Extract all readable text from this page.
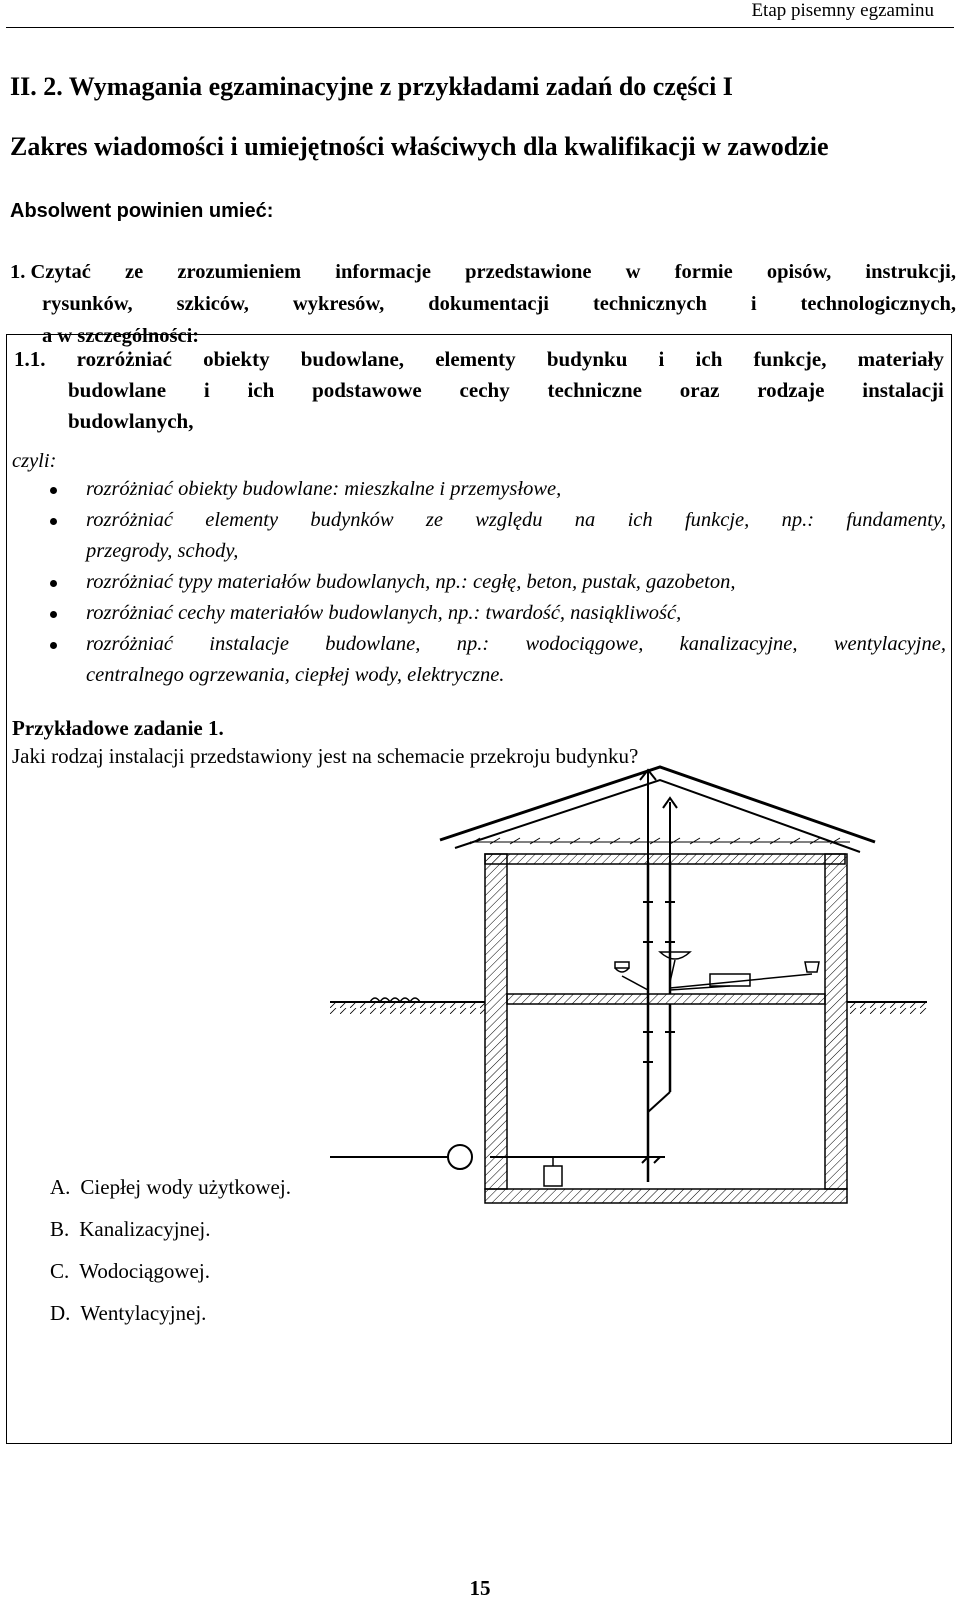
Etap pisemny egzaminu
II. 2. Wymagania egzaminacyjne z przykładami zadań do części I
Zakres wiadomości i umiejętności właściwych dla kwalifikacji w zawodzie
Absolwent powinien umieć:
1. Czytać ze zrozumieniem informacje przedstawione w formie opisów, instrukcji,
rysunków, szkiców, wykresów, dokumentacji technicznych i technologicznych,
a w szczególności:
1.1. rozróżniać obiekty budowlane, elementy budynku i ich funkcje, materiały
budowlane i ich podstawowe cechy techniczne oraz rodzaje instalacji
budowlanych,
czyli:
rozróżniać obiekty budowlane: mieszkalne i przemysłowe,
rozróżniać elementy budynków ze względu na ich funkcje, np.: fundamenty,
przegrody, schody,
rozróżniać typy materiałów budowlanych, np.: cegłę, beton, pustak, gazobeton,
rozróżniać cechy materiałów budowlanych, np.: twardość, nasiąkliwość,
rozróżniać instalacje budowlane, np.: wodociągowe, kanalizacyjne, wentylacyjne,
centralnego ogrzewania, ciepłej wody, elektryczne.
Przykładowe zadanie 1.
Jaki rodzaj instalacji przedstawiony jest na schemacie przekroju budynku?
A. Ciepłej wody użytkowej.
B. Kanalizacyjnej.
C. Wodociągowej.
D. Wentylacyjnej.
15
